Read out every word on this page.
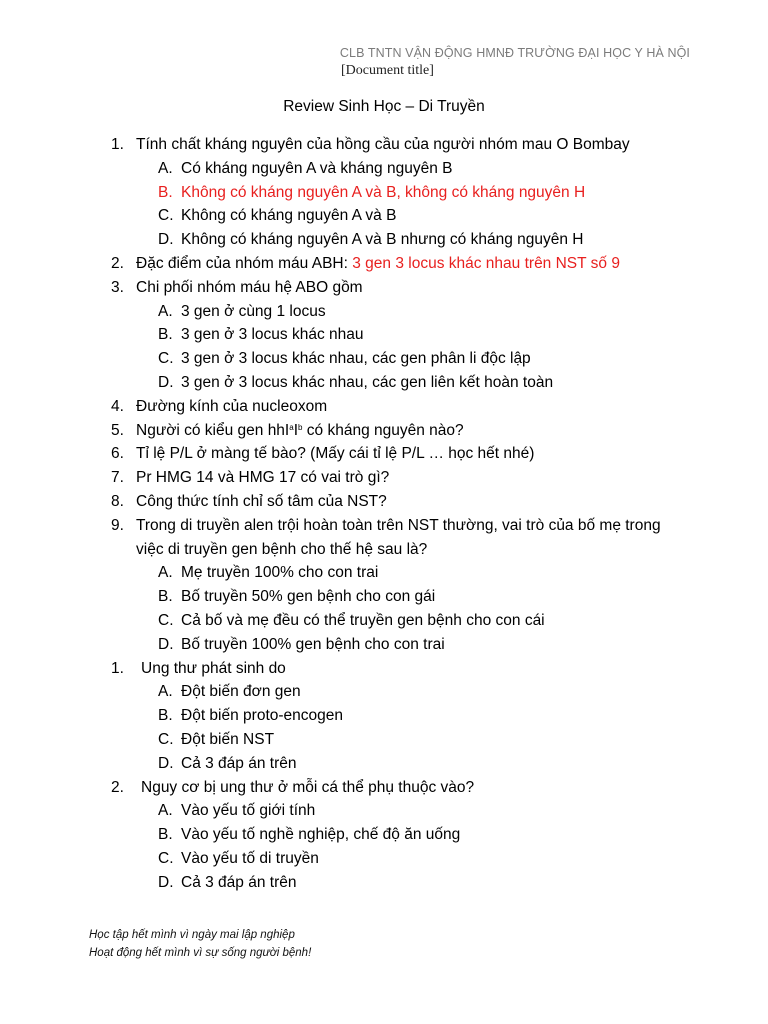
CLB TNTN VẬN ĐỘNG HMNĐ TRƯỜNG ĐẠI HỌC Y HÀ NỘI
[Document title]
Review Sinh Học – Di Truyền
1. Tính chất kháng nguyên của hồng cầu của người nhóm mau O Bombay
A. Có kháng nguyên A và kháng nguyên B
B. Không có kháng nguyên A và B, không có kháng nguyên H
C. Không có kháng nguyên A và B
D. Không có kháng nguyên A và B nhưng có kháng nguyên H
2. Đặc điểm của nhóm máu ABH: 3 gen 3 locus khác nhau trên NST số 9
3. Chi phối nhóm máu hệ ABO gồm
A. 3 gen ở cùng 1 locus
B. 3 gen ở 3 locus khác nhau
C. 3 gen ở 3 locus khác nhau, các gen phân li độc lập
D. 3 gen ở 3 locus khác nhau, các gen liên kết hoàn toàn
4. Đường kính của nucleoxom
5. Người có kiểu gen $hhI^aI^b$ có kháng nguyên nào?
6. Tỉ lệ P/L ở màng tế bào? (Mấy cái tỉ lệ P/L … học hết nhé)
7. Pr HMG 14 và HMG 17 có vai trò gì?
8. Công thức tính chỉ số tâm của NST?
9. Trong di truyền alen trội hoàn toàn trên NST thường, vai trò của bố mẹ trong việc di truyền gen bệnh cho thế hệ sau là?
A. Mẹ truyền 100% cho con trai
B. Bố truyền 50% gen bệnh cho con gái
C. Cả bố và mẹ đều có thể truyền gen bệnh cho con cái
D. Bố truyền 100% gen bệnh cho con trai
1. Ung thư phát sinh do
A. Đột biến đơn gen
B. Đột biến proto-encogen
C. Đột biến NST
D. Cả 3 đáp án trên
2. Nguy cơ bị ung thư ở mỗi cá thể phụ thuộc vào?
A. Vào yếu tố giới tính
B. Vào yếu tố nghề nghiệp, chế độ ăn uống
C. Vào yếu tố di truyền
D. Cả 3 đáp án trên
Học tập hết mình vì ngày mai lập nghiệp
Hoạt động hết mình vì sự sống người bệnh!
